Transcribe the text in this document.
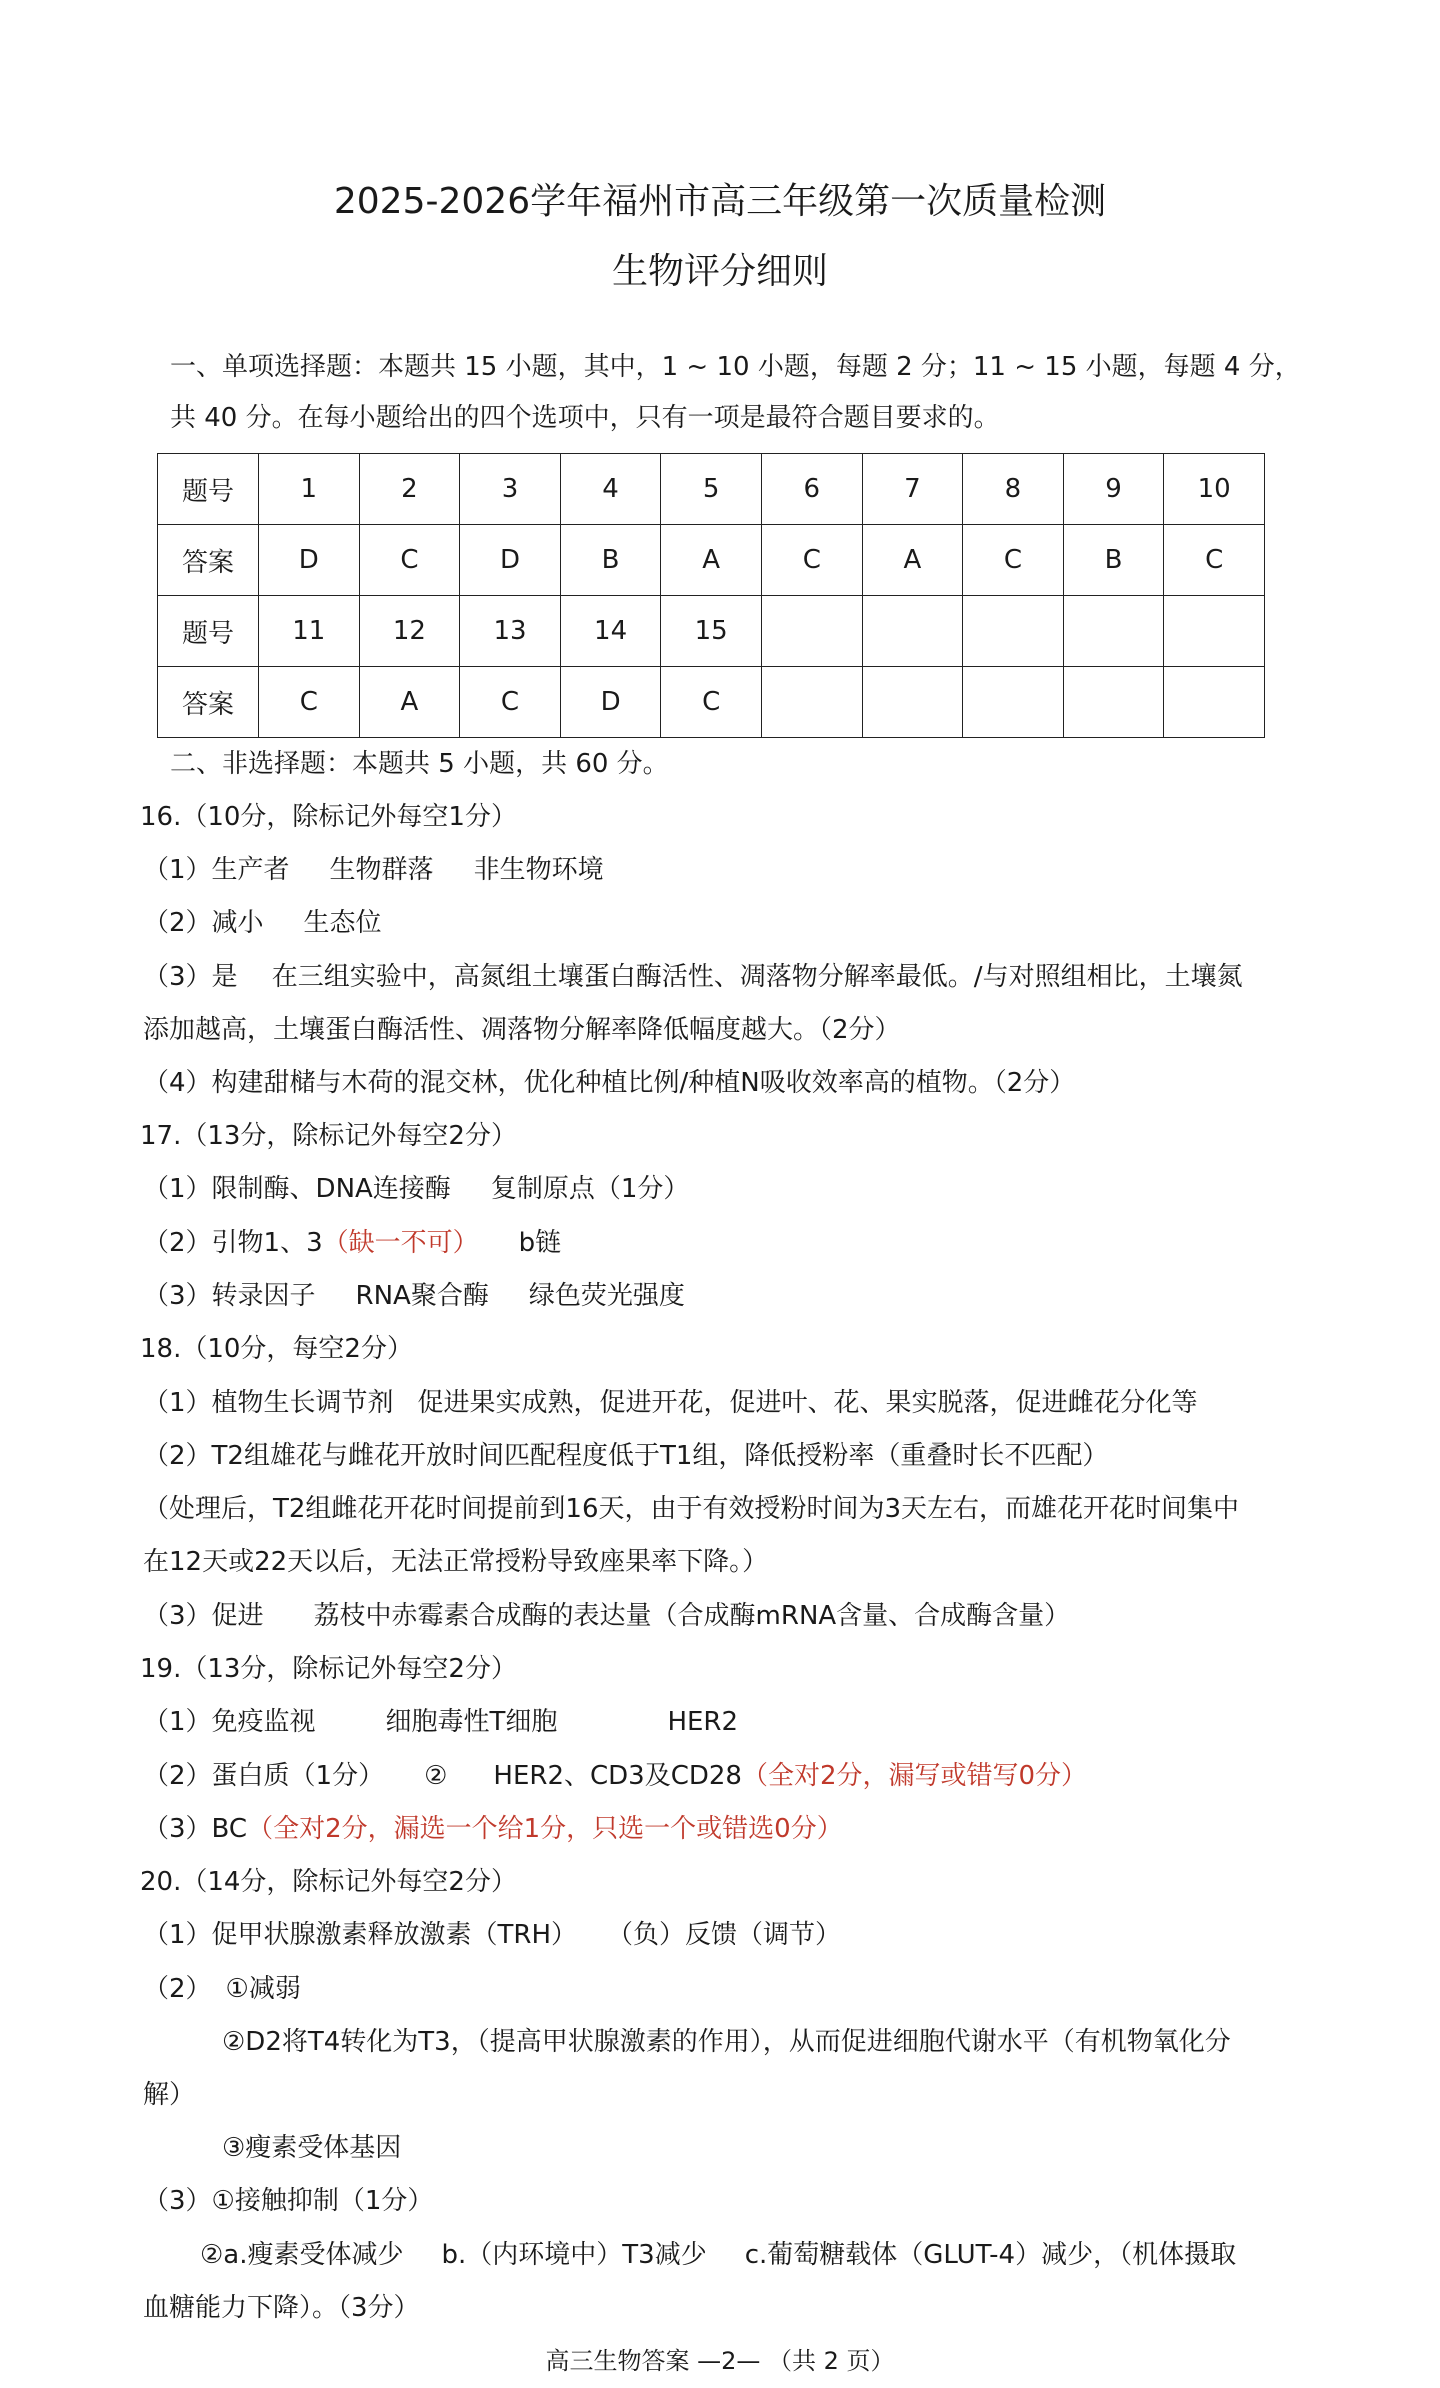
2025-2026学年福州市高三年级第一次质量检测
生物评分细则
一、单项选择题：本题共 15 小题，其中，1 ~ 10 小题，每题 2 分；11 ~ 15 小题，每题 4 分，
共 40 分。在每小题给出的四个选项中，只有一项是最符合题目要求的。
题号	1	2	3	4	5	6	7	8	9	10
答案	D	C	D	B	A	C	A	C	B	C
题号	11	12	13	14	15					
答案	C	A	C	D	C					
二、非选择题：本题共 5 小题，共 60 分。
16.（10分，除标记外每空1分）
（1）生产者 生物群落 非生物环境
（2）减小 生态位
（3）是　 在三组实验中，高氮组土壤蛋白酶活性、凋落物分解率最低。/与对照组相比，土壤氮
添加越高，土壤蛋白酶活性、凋落物分解率降低幅度越大。（2分）
（4）构建甜槠与木荷的混交林，优化种植比例/种植N吸收效率高的植物。（2分）
17.（13分，除标记外每空2分）
（1）限制酶、DNA连接酶 复制原点（1分）
（2）引物1、3（缺一不可） b链
（3）转录因子 RNA聚合酶 绿色荧光强度
18.（10分，每空2分）
（1）植物生长调节剂 促进果实成熟，促进开花，促进叶、花、果实脱落，促进雌花分化等
（2）T2组雄花与雌花开放时间匹配程度低于T1组，降低授粉率（重叠时长不匹配）
（处理后，T2组雌花开花时间提前到16天，由于有效授粉时间为3天左右，而雄花开花时间集中
在12天或22天以后，无法正常授粉导致座果率下降。）
（3）促进 荔枝中赤霉素合成酶的表达量（合成酶mRNA含量、合成酶含量）
19.（13分，除标记外每空2分）
（1）免疫监视	细胞毒性T细胞	HER2
（2）蛋白质（1分） ② HER2、CD3及CD28（全对2分，漏写或错写0分）
（3）BC（全对2分，漏选一个给1分，只选一个或错选0分）
20.（14分，除标记外每空2分）
（1）促甲状腺激素释放激素（TRH） （负）反馈（调节）
（2） ①减弱
②D2将T4转化为T3，（提高甲状腺激素的作用），从而促进细胞代谢水平（有机物氧化分
解）
③瘦素受体基因
（3）①接触抑制（1分）
②a.瘦素受体减少 b.（内环境中）T3减少 c.葡萄糖载体（GLUT-4）减少，（机体摄取
血糖能力下降）。（3分）
高三生物答案 —2— （共 2 页）
